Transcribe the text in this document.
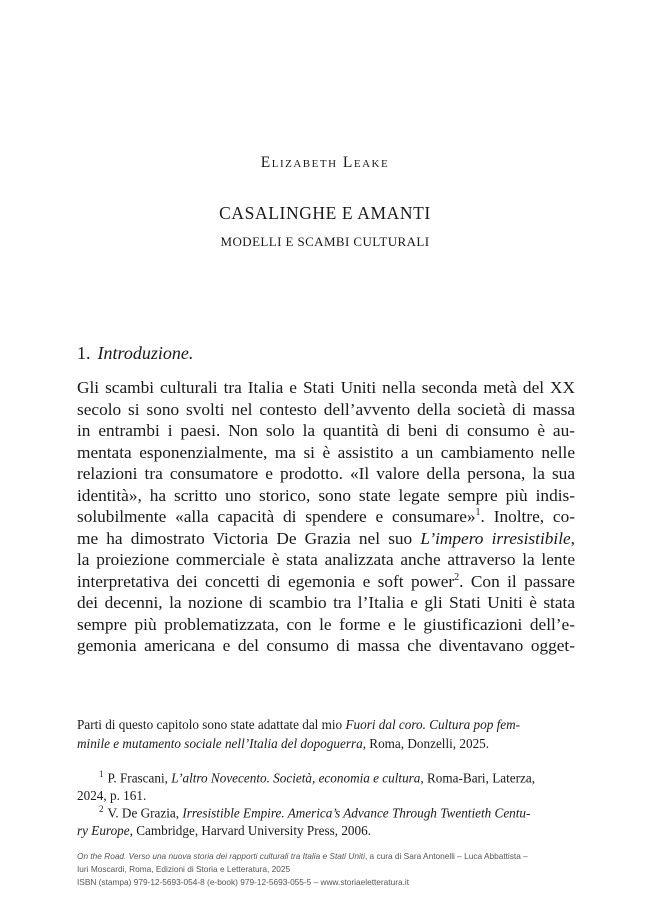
Elizabeth Leake
CASALINGHE E AMANTI
MODELLI E SCAMBI CULTURALI
1. Introduzione.
Gli scambi culturali tra Italia e Stati Uniti nella seconda metà del XX
secolo si sono svolti nel contesto dell’avvento della società di massa
in entrambi i paesi. Non solo la quantità di beni di consumo è au-
mentata esponenzialmente, ma si è assistito a un cambiamento nelle
relazioni tra consumatore e prodotto. «Il valore della persona, la sua
identità», ha scritto uno storico, sono state legate sempre più indis-
solubilmente «alla capacità di spendere e consumare»$^1$. Inoltre, co-
me ha dimostrato Victoria De Grazia nel suo L’impero irresistibile,
la proiezione commerciale è stata analizzata anche attraverso la lente
interpretativa dei concetti di egemonia e soft power$^2$. Con il passare
dei decenni, la nozione di scambio tra l’Italia e gli Stati Uniti è stata
sempre più problematizzata, con le forme e le giustificazioni dell’e-
gemonia americana e del consumo di massa che diventavano ogget-
Parti di questo capitolo sono state adattate dal mio Fuori dal coro. Cultura pop fem-
minile e mutamento sociale nell’Italia del dopoguerra, Roma, Donzelli, 2025.
$^1$ P. Frascani, L’altro Novecento. Società, economia e cultura, Roma-Bari, Laterza,
2024, p. 161.
$^2$ V. De Grazia, Irresistible Empire. America’s Advance Through Twentieth Centu-
ry Europe, Cambridge, Harvard University Press, 2006.
On the Road. Verso una nuova storia dei rapporti culturali tra Italia e Stati Uniti, a cura di Sara Antonelli – Luca Abbattista –
Iuri Moscardi, Roma, Edizioni di Storia e Letteratura, 2025
ISBN (stampa) 979-12-5693-054-8 (e-book) 979-12-5693-055-5 – www.storiaeletteratura.it
